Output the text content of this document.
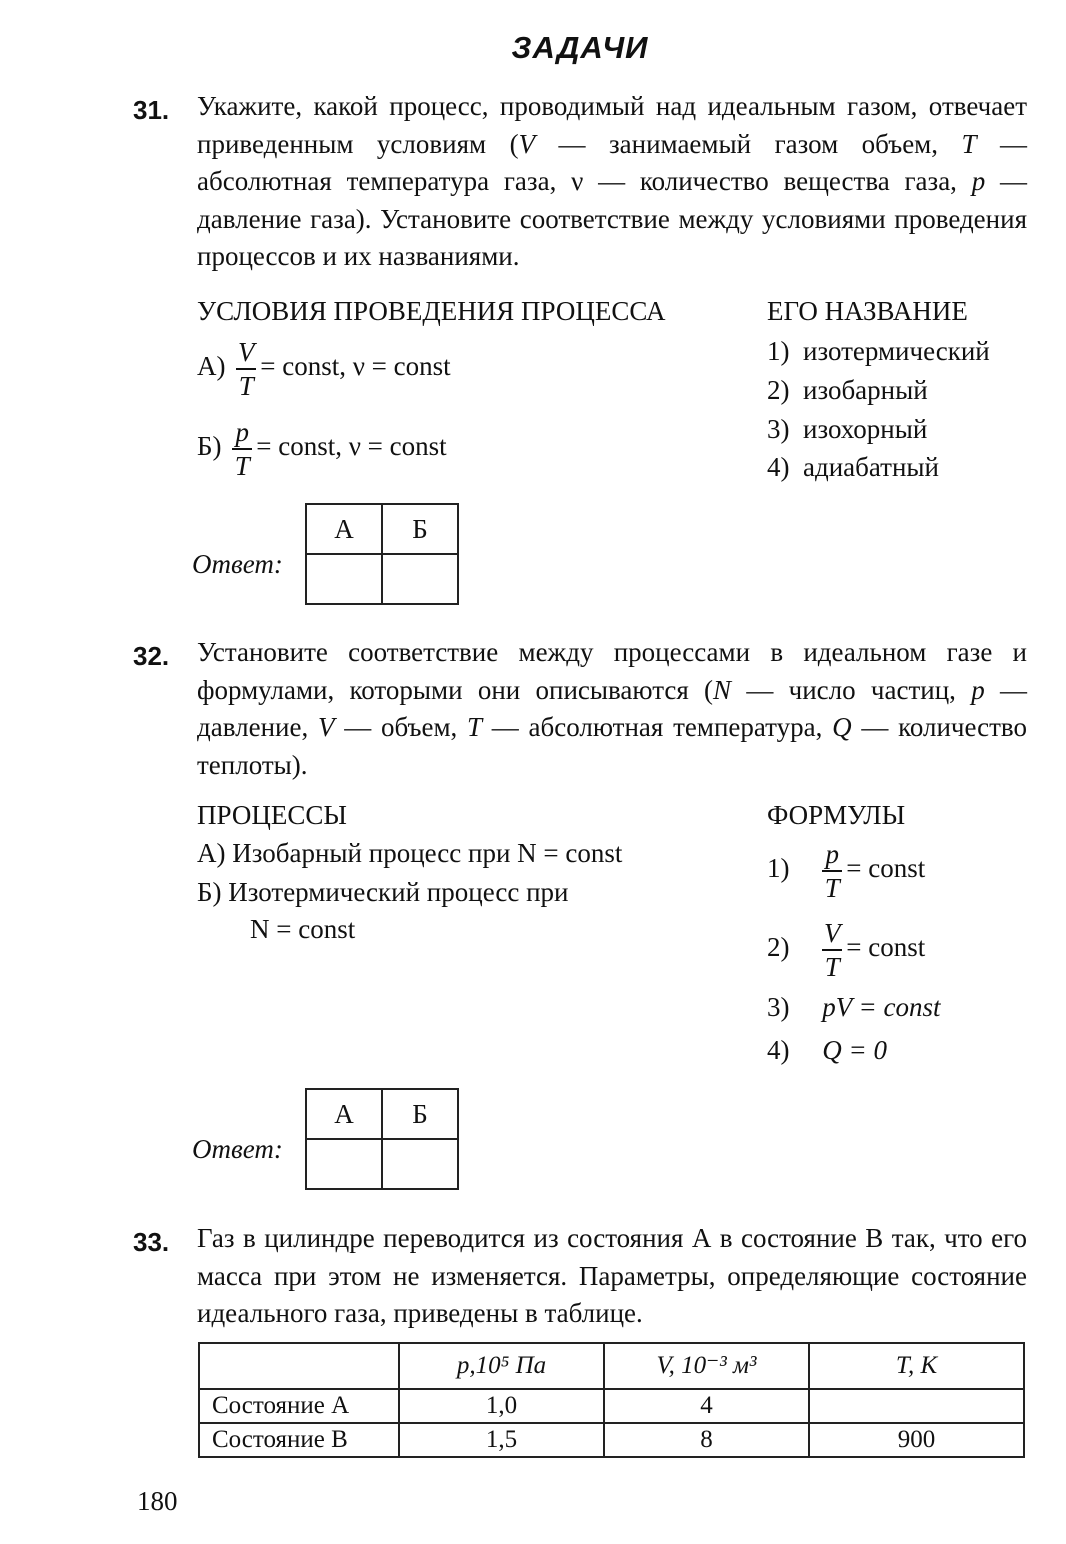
ЗАДАЧИ
31. Укажите, какой процесс, проводимый над идеальным газом, отвечает приведенным условиям (V — занимаемый газом объем, T — абсолютная температура газа, ν — количество вещества газа, p — давление газа). Установите соответствие между условиями проведения процессов и их названиями.
УСЛОВИЯ ПРОВЕДЕНИЯ ПРОЦЕССА	ЕГО НАЗВАНИЕ
$А) \frac{V}{T}$ = const, ν = const
$Б) \frac{p}{T}$ = const, ν = const
1)  изотермический
2)  изобарный
3)  изохорный
4)  адиабатный
Ответ:
А	Б

32. Установите соответствие между процессами в идеальном газе и формулами, которыми они описываются (N — число частиц, p — давление, V — объем, T — абсолютная температура, Q — количество теплоты).
ПРОЦЕССЫ	ФОРМУЛЫ
А) Изобарный процесс при N = const
Б) Изотермический процесс при
N = const
$1) \frac{p}{T}$ = const
$2) \frac{V}{T}$ = const
3) pV = const
4) Q = 0
Ответ:
А	Б

33. Газ в цилиндре переводится из состояния А в состояние В так, что его масса при этом не изменяется. Параметры, определяющие состояние идеального газа, приведены в таблице.
	p,10⁵ Па	V, 10⁻³ м³	T, К
Состояние А	1,0	4	
Состояние В	1,5	8	900
180
